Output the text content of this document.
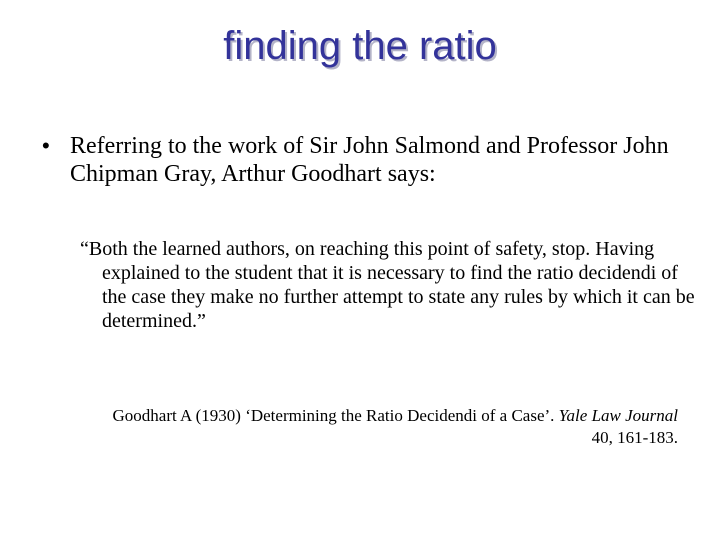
finding the ratio
• Referring to the work of Sir John Salmond and Professor John Chipman Gray, Arthur Goodhart says:
“Both the learned authors, on reaching this point of safety, stop. Having explained to the student that it is necessary to find the ratio decidendi of the case they make no further attempt to state any rules by which it can be determined.”
Goodhart A (1930) ‘Determining the Ratio Decidendi of a Case’. Yale Law Journal 40, 161-183.
